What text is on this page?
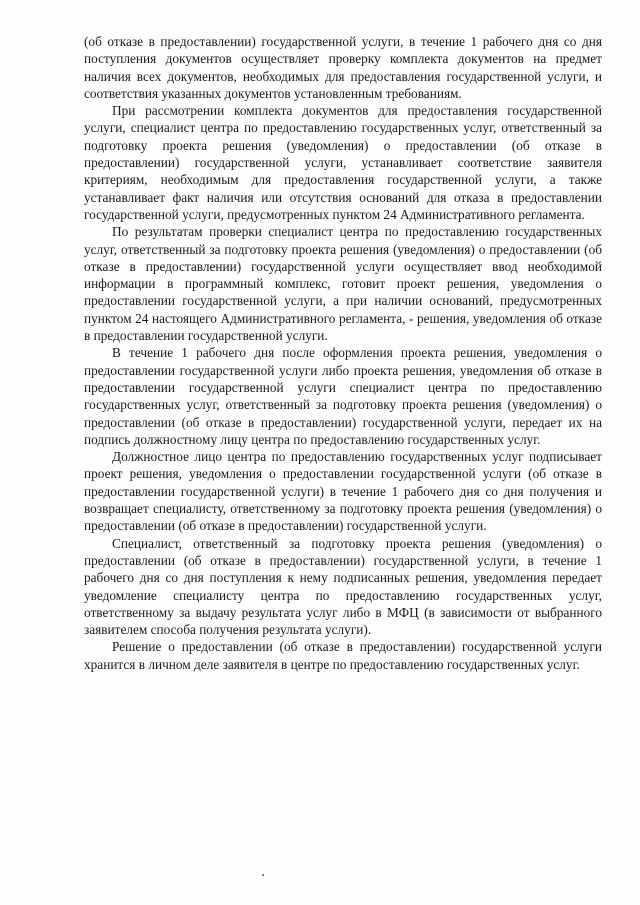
(об отказе в предоставлении) государственной услуги, в течение 1 рабочего дня со дня поступления документов осуществляет проверку комплекта документов на предмет наличия всех документов, необходимых для предоставления государственной услуги, и соответствия указанных документов установленным требованиям.

При рассмотрении комплекта документов для предоставления государственной услуги, специалист центра по предоставлению государственных услуг, ответственный за подготовку проекта решения (уведомления) о предоставлении (об отказе в предоставлении) государственной услуги, устанавливает соответствие заявителя критериям, необходимым для предоставления государственной услуги, а также устанавливает факт наличия или отсутствия оснований для отказа в предоставлении государственной услуги, предусмотренных пунктом 24 Административного регламента.

По результатам проверки специалист центра по предоставлению государственных услуг, ответственный за подготовку проекта решения (уведомления) о предоставлении (об отказе в предоставлении) государственной услуги осуществляет ввод необходимой информации в программный комплекс, готовит проект решения, уведомления о предоставлении государственной услуги, а при наличии оснований, предусмотренных пунктом 24 настоящего Административного регламента, - решения, уведомления об отказе в предоставлении государственной услуги.

В течение 1 рабочего дня после оформления проекта решения, уведомления о предоставлении государственной услуги либо проекта решения, уведомления об отказе в предоставлении государственной услуги специалист центра по предоставлению государственных услуг, ответственный за подготовку проекта решения (уведомления) о предоставлении (об отказе в предоставлении) государственной услуги, передает их на подпись должностному лицу центра по предоставлению государственных услуг.

Должностное лицо центра по предоставлению государственных услуг подписывает проект решения, уведомления о предоставлении государственной услуги (об отказе в предоставлении государственной услуги) в течение 1 рабочего дня со дня получения и возвращает специалисту, ответственному за подготовку проекта решения (уведомления) о предоставлении (об отказе в предоставлении) государственной услуги.

Специалист, ответственный за подготовку проекта решения (уведомления) о предоставлении (об отказе в предоставлении) государственной услуги, в течение 1 рабочего дня со дня поступления к нему подписанных решения, уведомления передает уведомление специалисту центра по предоставлению государственных услуг, ответственному за выдачу результата услуг либо в МФЦ (в зависимости от выбранного заявителем способа получения результата услуги).

Решение о предоставлении (об отказе в предоставлении) государственной услуги хранится в личном деле заявителя в центре по предоставлению государственных услуг.
